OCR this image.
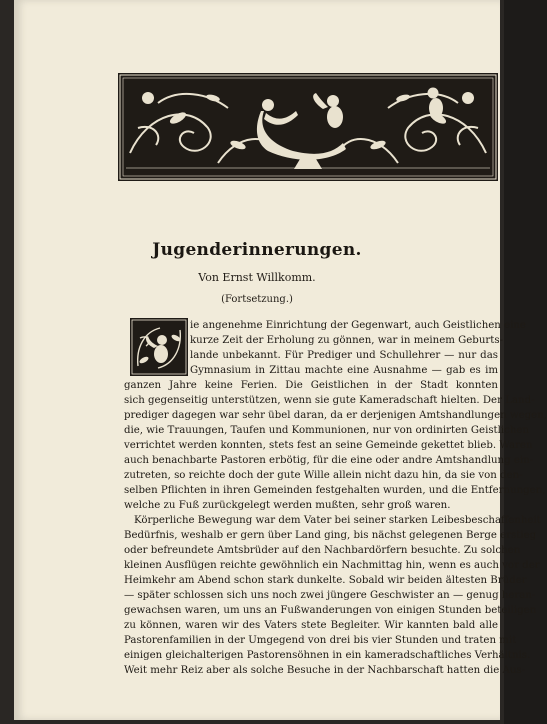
Jugenderinnerungen.
Von Ernst Willkomm.
(Fortsetzung.)
ie angenehme Einrichtung der Gegenwart, auch Geistlichen eine
kurze Zeit der Erholung zu gönnen, war in meinem Geburts-
lande unbekannt. Für Prediger und Schullehrer — nur das
Gymnasium in Zittau machte eine Ausnahme — gab es im
ganzen Jahre keine Ferien. Die Geistlichen in der Stadt konnten
sich gegenseitig unterstützen, wenn sie gute Kameradschaft hielten. Der Land-
prediger dagegen war sehr übel daran, da er derjenigen Amtshandlungen wegen,
die, wie Trauungen, Taufen und Kommunionen, nur von ordinirten Geistlichen
verrichtet werden konnten, stets fest an seine Gemeinde gekettet blieb. Waren
auch benachbarte Pastoren erbötig, für die eine oder andre Amtshandlung ein-
zutreten, so reichte doch der gute Wille allein nicht dazu hin, da sie von den-
selben Pflichten in ihren Gemeinden festgehalten wurden, und die Entfernungen,
welche zu Fuß zurückgelegt werden mußten, sehr groß waren.
Körperliche Bewegung war dem Vater bei seiner starken Leibesbeschaffenheit
Bedürfnis, weshalb er gern über Land ging, bis nächst gelegenen Berge erstieg
oder befreundete Amtsbrüder auf den Nachbardörfern besuchte. Zu solchen
kleinen Ausflügen reichte gewöhnlich ein Nachmittag hin, wenn es auch vor der
Heimkehr am Abend schon stark dunkelte. Sobald wir beiden ältesten Brüder
— später schlossen sich uns noch zwei jüngere Geschwister an — genug heran-
gewachsen waren, um uns an Fußwanderungen von einigen Stunden beteiligen
zu können, waren wir des Vaters stete Begleiter. Wir kannten bald alle
Pastorenfamilien in der Umgegend von drei bis vier Stunden und traten mit
einigen gleichalterigen Pastorensöhnen in ein kameradschaftliches Verhältnis.
Weit mehr Reiz aber als solche Besuche in der Nachbarschaft hatten die Aus-
